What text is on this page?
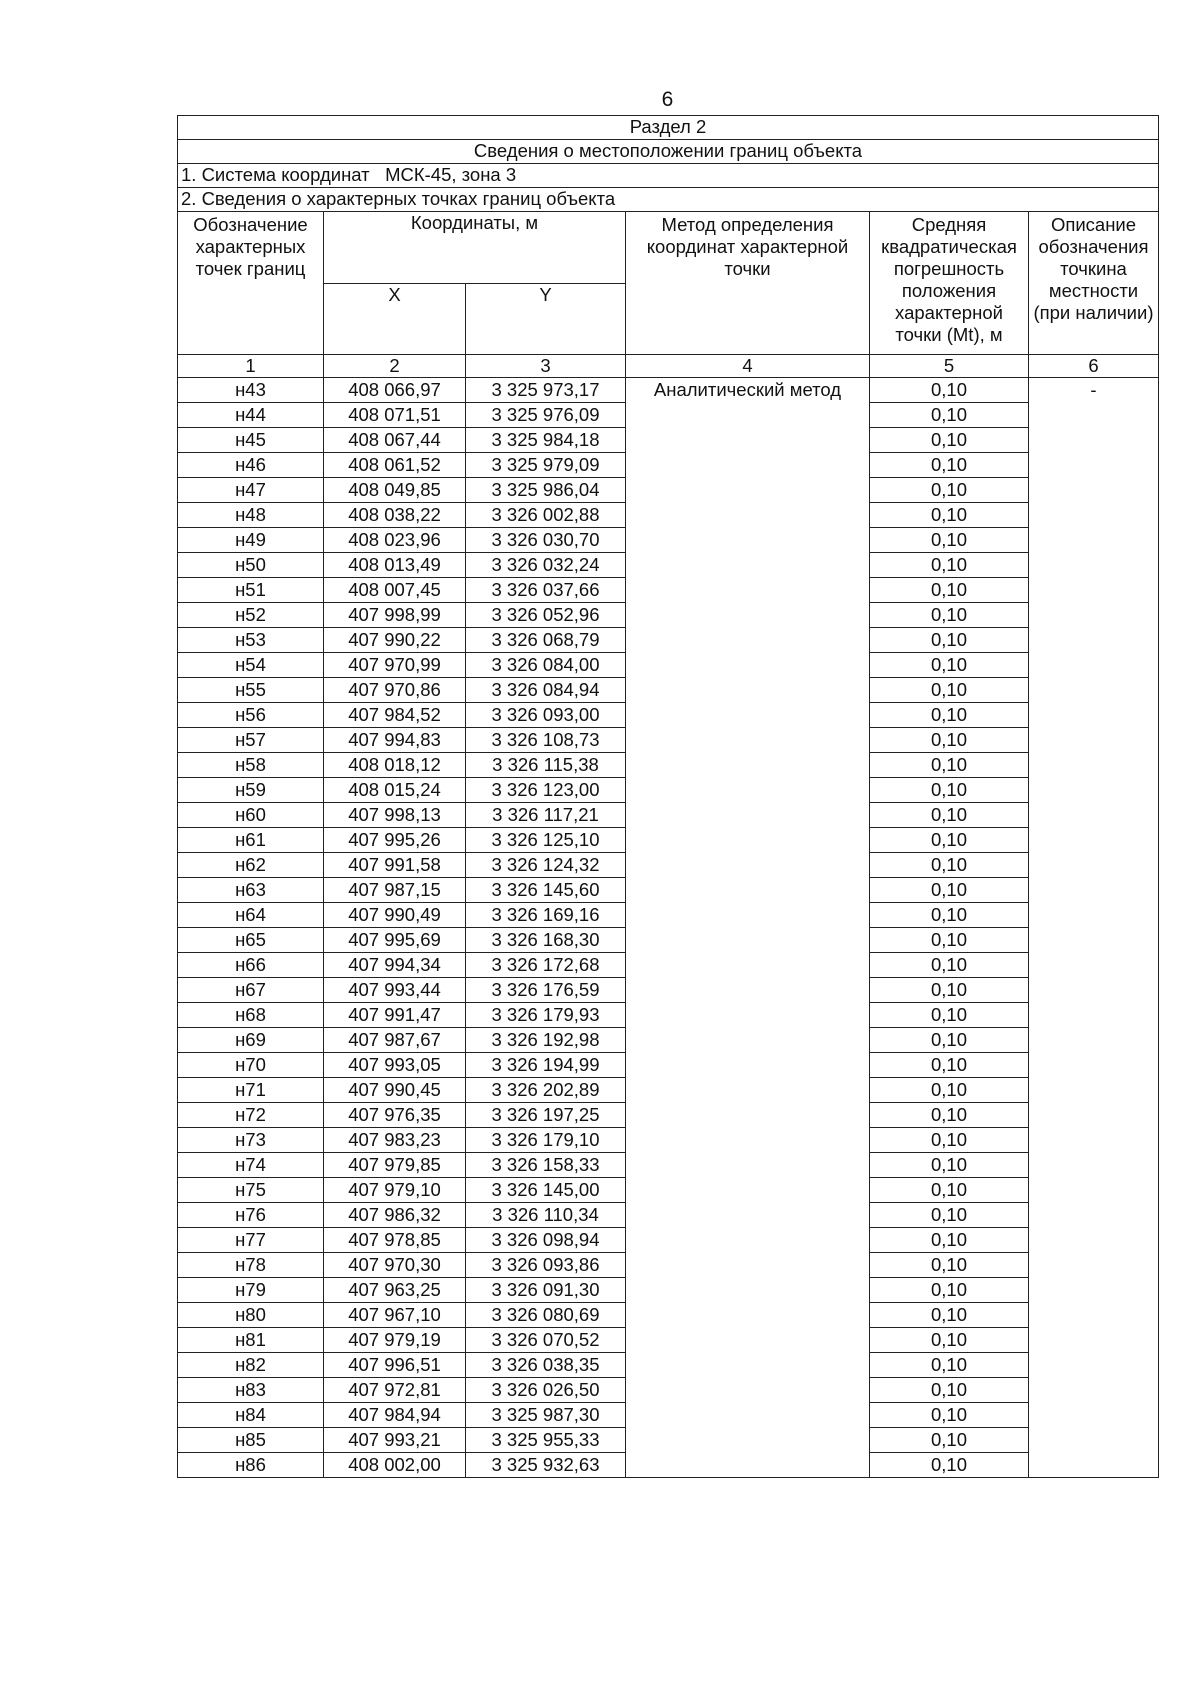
6
Раздел 2					
Сведения о местоположении границ объекта					
1. Система координат   МСК-45, зона 3					
2. Сведения о характерных точках границ объекта					
Обозначение характерных точек границ	Координаты, м		Метод определения координат характерной точки	Средняя квадратическая погрешность положения характерной точки (Mt), м	Описание обозначения точкина местности (при наличии)
	X	Y			
1	2	3	4	5	6
н43	408 066,97	3 325 973,17	Аналитический метод	0,10	-
н44	408 071,51	3 325 976,09		0,10	
н45	408 067,44	3 325 984,18		0,10	
н46	408 061,52	3 325 979,09		0,10	
н47	408 049,85	3 325 986,04		0,10	
н48	408 038,22	3 326 002,88		0,10	
н49	408 023,96	3 326 030,70		0,10	
н50	408 013,49	3 326 032,24		0,10	
н51	408 007,45	3 326 037,66		0,10	
н52	407 998,99	3 326 052,96		0,10	
н53	407 990,22	3 326 068,79		0,10	
н54	407 970,99	3 326 084,00		0,10	
н55	407 970,86	3 326 084,94		0,10	
н56	407 984,52	3 326 093,00		0,10	
н57	407 994,83	3 326 108,73		0,10	
н58	408 018,12	3 326 115,38		0,10	
н59	408 015,24	3 326 123,00		0,10	
н60	407 998,13	3 326 117,21		0,10	
н61	407 995,26	3 326 125,10		0,10	
н62	407 991,58	3 326 124,32		0,10	
н63	407 987,15	3 326 145,60		0,10	
н64	407 990,49	3 326 169,16		0,10	
н65	407 995,69	3 326 168,30		0,10	
н66	407 994,34	3 326 172,68		0,10	
н67	407 993,44	3 326 176,59		0,10	
н68	407 991,47	3 326 179,93		0,10	
н69	407 987,67	3 326 192,98		0,10	
н70	407 993,05	3 326 194,99		0,10	
н71	407 990,45	3 326 202,89		0,10	
н72	407 976,35	3 326 197,25		0,10	
н73	407 983,23	3 326 179,10		0,10	
н74	407 979,85	3 326 158,33		0,10	
н75	407 979,10	3 326 145,00		0,10	
н76	407 986,32	3 326 110,34		0,10	
н77	407 978,85	3 326 098,94		0,10	
н78	407 970,30	3 326 093,86		0,10	
н79	407 963,25	3 326 091,30		0,10	
н80	407 967,10	3 326 080,69		0,10	
н81	407 979,19	3 326 070,52		0,10	
н82	407 996,51	3 326 038,35		0,10	
н83	407 972,81	3 326 026,50		0,10	
н84	407 984,94	3 325 987,30		0,10	
н85	407 993,21	3 325 955,33		0,10	
н86	408 002,00	3 325 932,63		0,10	
